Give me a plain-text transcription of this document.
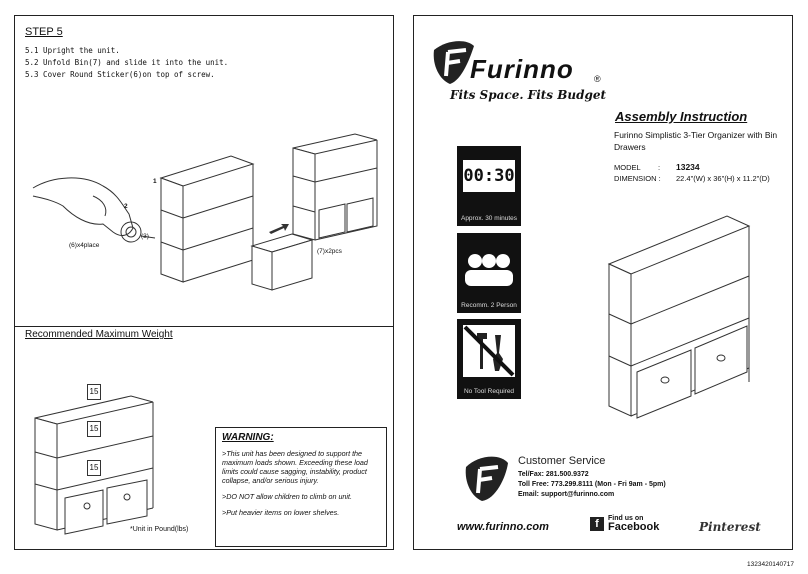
STEP 5
5.1 Upright the unit.
5.2 Unfold Bin(7) and slide it into the unit.
5.3 Cover Round Sticker(6)on top of screw.
2
(3)
(6)x4place
1
(7)x2pcs
Recommended Maximum Weight
15
15
15
*Unit in Pound(lbs)
WARNING:
>This unit has been designed to support the maximum loads shown. Exceeding these load limits could cause sagging, instability, product collapse, and/or serious injury.
>DO NOT allow children to climb on unit.
>Put heavier items on lower shelves.
Furinno ®
Fits Space. Fits Budget
Assembly Instruction
Furinno Simplistic 3-Tier Organizer with Bin Drawers
MODEL : 13234
DIMENSION : 22.4"(W) x 36"(H) x 11.2"(D)
00:30
Approx. 30 minutes
Recomm. 2 Person
No Tool Required
Customer Service
Tel/Fax: 281.500.9372
Toll Free: 773.299.8111 (Mon - Fri 9am - 5pm)
Email: support@furinno.com
www.furinno.com	f	Find us on
Facebook	Pinterest
1323420140717
